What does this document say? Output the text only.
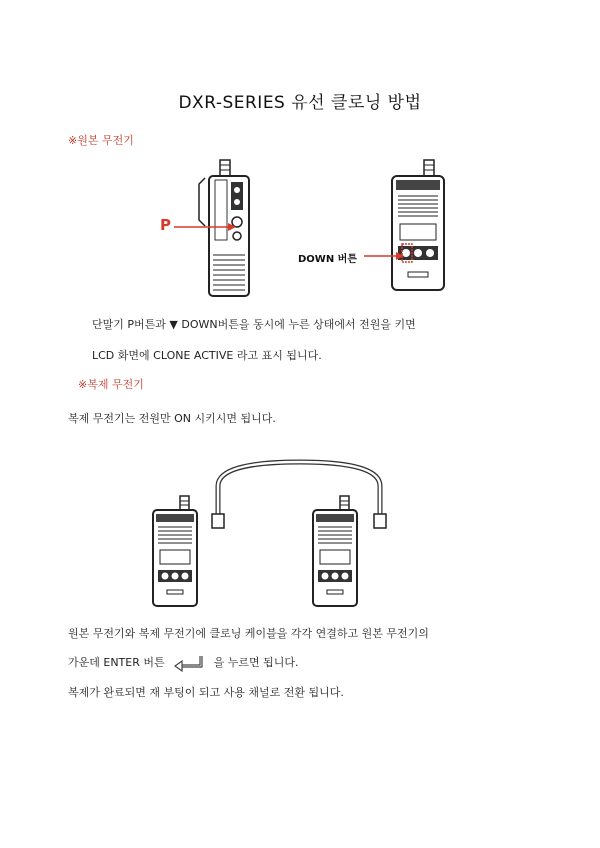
DXR-SERIES 유선 클로닝 방법
※원본 무전기
P
DOWN 버튼
단말기 P버튼과 ▼ DOWN버튼을 동시에 누른 상태에서 전원을 키면
LCD 화면에 CLONE ACTIVE 라고 표시 됩니다.
※복제 무전기
복제 무전기는 전원만 ON 시키시면 됩니다.
원본 무전기와 복제 무전기에 클로닝 케이블을 각각 연결하고 원본 무전기의
가운데 ENTER 버튼	을 누르면 됩니다.
복제가 완료되면 재 부팅이 되고 사용 채널로 전환 됩니다.
